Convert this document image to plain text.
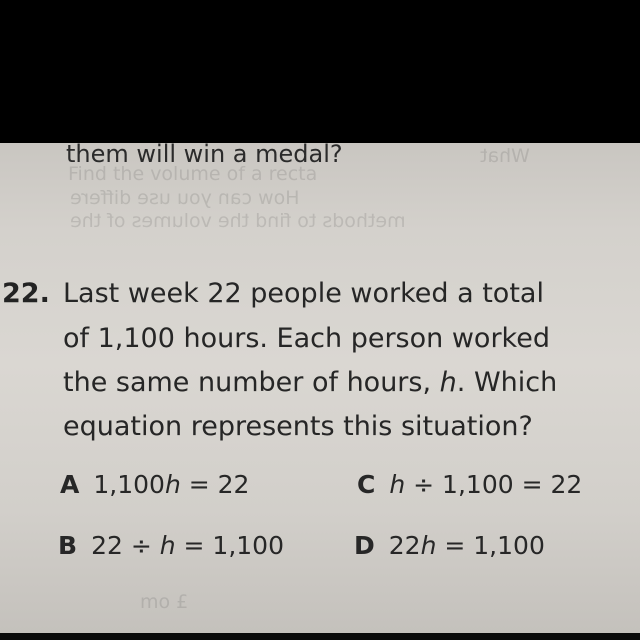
Find the volume of a recta
How can you use differe
methods to find the volumes of the
What
them will win a medal?
22. Last week 22 people worked a total
of 1,100 hours. Each person worked
the same number of hours, h. Which
equation represents this situation?
A 1,100h = 22	C h ÷ 1,100 = 22
B 22 ÷ h = 1,100	D 22h = 1,100
mo £
